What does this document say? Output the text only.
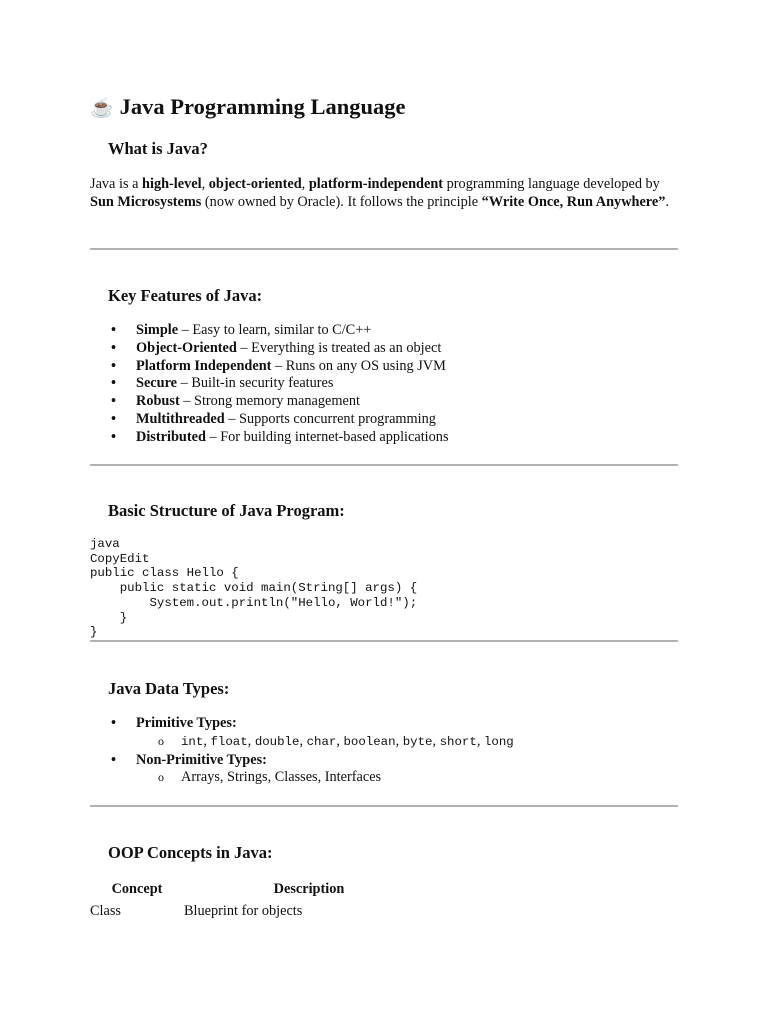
☕ Java Programming Language
What is Java?

Java is a high-level, object-oriented, platform-independent programming language developed by Sun Microsystems (now owned by Oracle). It follows the principle “Write Once, Run Anywhere”.

Key Features of Java:
• Simple – Easy to learn, similar to C/C++
• Object-Oriented – Everything is treated as an object
• Platform Independent – Runs on any OS using JVM
• Secure – Built-in security features
• Robust – Strong memory management
• Multithreaded – Supports concurrent programming
• Distributed – For building internet-based applications
Basic Structure of Java Program:
java
CopyEdit
public class Hello {
public static void main(String[] args) {
System.out.println("Hello, World!");
}
}
Java Data Types:
• Primitive Types:
o int, float, double, char, boolean, byte, short, long
• Non-Primitive Types:
o Arrays, Strings, Classes, Interfaces
OOP Concepts in Java:
Concept	Description
Class	Blueprint for objects
